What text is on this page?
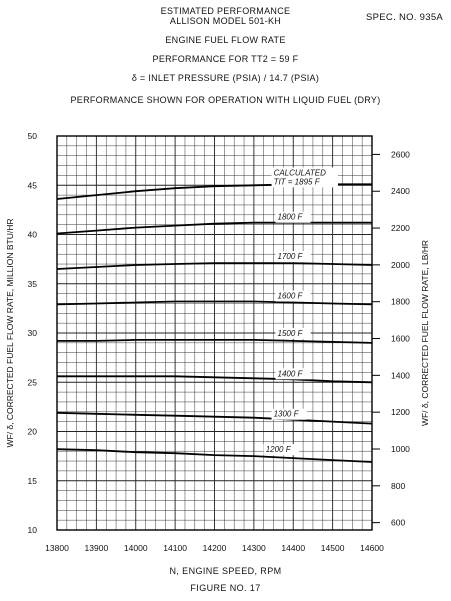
ESTIMATED PERFORMANCE
ALLISON MODEL 501-KH	SPEC. NO. 935A
ENGINE FUEL FLOW RATE
PERFORMANCE FOR TT2 = 59 F
δ = INLET PRESSURE (PSIA) / 14.7 (PSIA)
PERFORMANCE SHOWN FOR OPERATION WITH LIQUID FUEL (DRY)
13800 13900 14000 14100 14200 14300 14400 14500 14600
10
15
20
25
30
35
40
45
50
600
800
1000
1200
1400
1600
1800
2000
2200
2400
2600
WF/ δ, CORRECTED FUEL FLOW RATE, MILLION BTU/HR	WF/ δ, CORRECTED FUEL FLOW RATE, LB/HR
CALCULATED
TIT = 1895 F
1800 F
1700 F
1600 F
1500 F
1400 F
1300 F
1200 F
N, ENGINE SPEED, RPM
FIGURE NO. 17
